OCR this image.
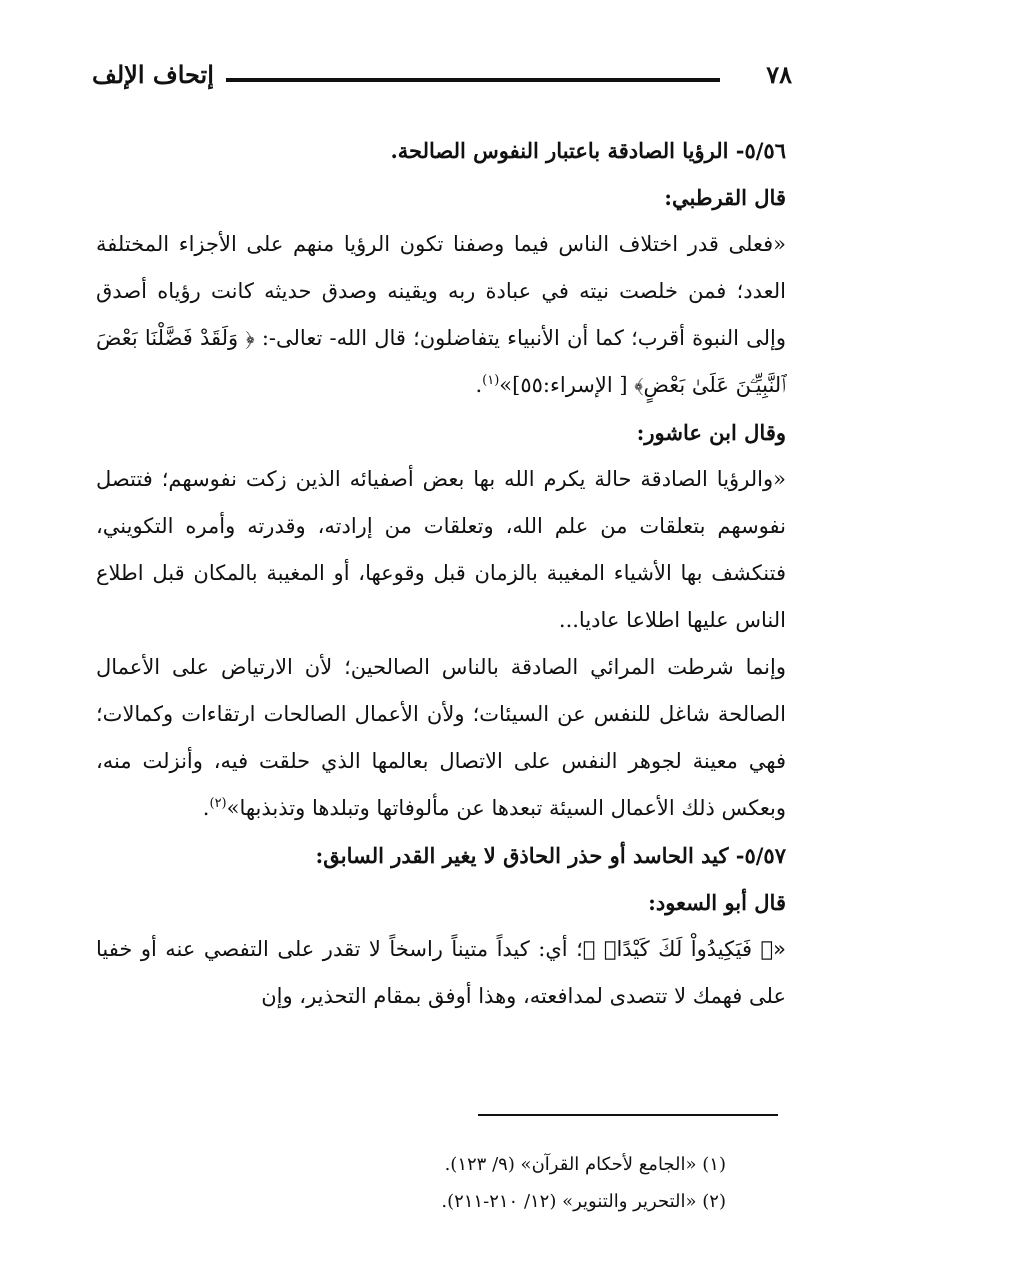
إتحاف الإلف	٧٨

٥/٥٦- الرؤيا الصادقة باعتبار النفوس الصالحة.

قال القرطبي:

«فعلى قدر اختلاف الناس فيما وصفنا تكون الرؤيا منهم على الأجزاء المختلفة العدد؛ فمن خلصت نيته في عبادة ربه ويقينه وصدق حديثه كانت رؤياه أصدق وإلى النبوة أقرب؛ كما أن الأنبياء يتفاضلون؛ قال الله- تعالى-: ﴿ وَلَقَدْ فَضَّلْنَا بَعْضَ ٱلنَّبِيِّـۧنَ عَلَىٰ بَعْضٍ﴾ [ الإسراء:٥٥]»$^{(١)}$.

وقال ابن عاشور:

«والرؤيا الصادقة حالة يكرم الله بها بعض أصفيائه الذين زكت نفوسهم؛ فتتصل نفوسهم بتعلقات من علم الله، وتعلقات من إرادته، وقدرته وأمره التكويني، فتنكشف بها الأشياء المغيبة بالزمان قبل وقوعها، أو المغيبة بالمكان قبل اطلاع الناس عليها اطلاعا عاديا...

وإنما شرطت المرائي الصادقة بالناس الصالحين؛ لأن الارتياض على الأعمال الصالحة شاغل للنفس عن السيئات؛ ولأن الأعمال الصالحات ارتقاءات وكمالات؛ فهي معينة لجوهر النفس على الاتصال بعالمها الذي حلقت فيه، وأنزلت منه، وبعكس ذلك الأعمال السيئة تبعدها عن مألوفاتها وتبلدها وتذبذبها»$^{(٢)}$.

٥/٥٧- كيد الحاسد أو حذر الحاذق لا يغير القدر السابق:

قال أبو السعود:

«﴿ فَيَكِيدُواْ لَكَ كَيْدًاۖ ﴾؛ أي: كيداً متيناً راسخاً لا تقدر على التفصي عنه أو خفيا على فهمك لا تتصدى لمدافعته، وهذا أوفق بمقام التحذير، وإن

(١) «الجامع لأحكام القرآن» (٩/ ١٢٣).

(٢) «التحرير والتنوير» (١٢/ ٢١٠-٢١١).
